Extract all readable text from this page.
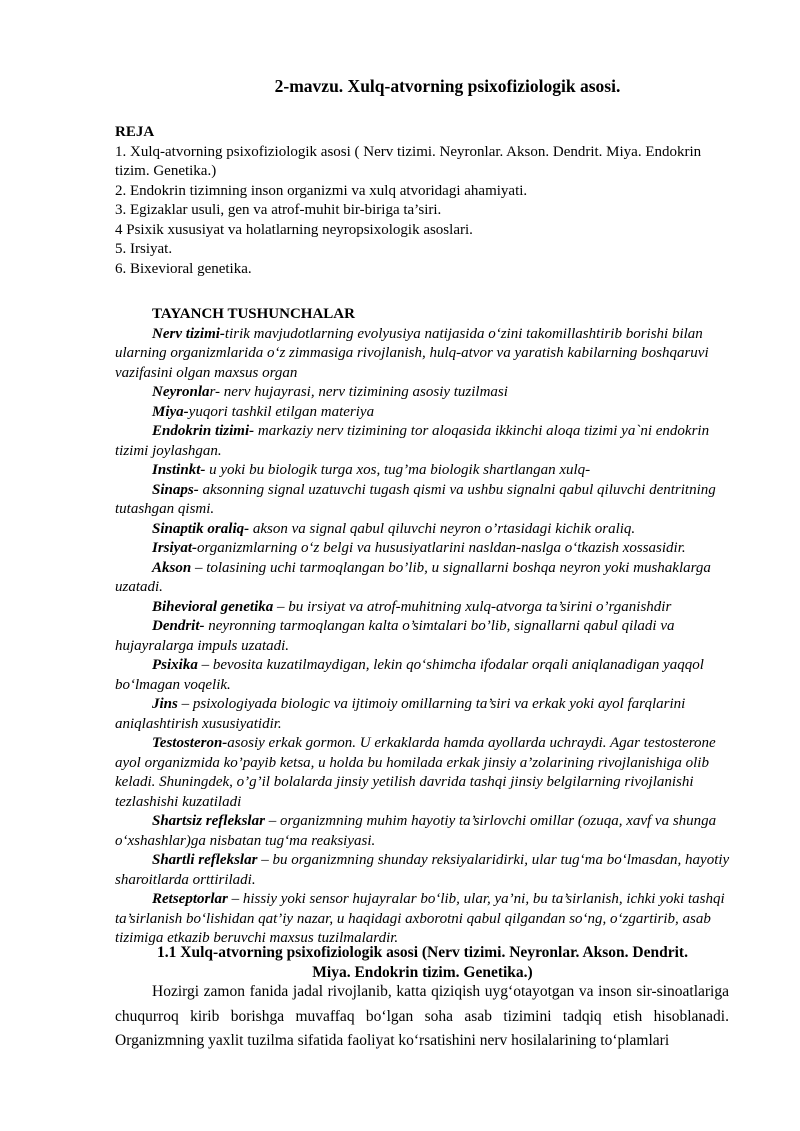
2-mavzu. Xulq-atvorning psixofiziologik asosi.
REJA
1. Xulq-atvorning psixofiziologik asosi ( Nerv tizimi. Neyronlar. Akson. Dendrit. Miya. Endokrin tizim. Genetika.)
2. Endokrin tizimning inson organizmi va xulq atvoridagi ahamiyati.
3. Egizaklar usuli, gen va atrof-muhit bir-biriga ta’siri.
4 Psixik xususiyat va holatlarning neyropsixologik asoslari.
5. Irsiyat.
6. Bixevioral genetika.
TAYANCH TUSHUNCHALAR
Nerv tizimi-tirik mavjudotlarning evolyusiya natijasida o‘zini takomillashtirib borishi bilan ularning organizmlarida o‘z zimmasiga rivojlanish, hulq-atvor va yaratish kabilarning boshqaruvi vazifasini olgan maxsus organ
Neyronlar- nerv hujayrasi, nerv tizimining asosiy tuzilmasi
Miya-yuqori tashkil etilgan materiya
Endokrin tizimi- markaziy nerv tizimining tor aloqasida ikkinchi aloqa tizimi ya`ni endokrin tizimi joylashgan.
Instinkt- u yoki bu biologik turga xos, tug’ma biologik shartlangan xulq-
Sinaps- aksonning signal uzatuvchi tugash qismi va ushbu signalni qabul qiluvchi dentritning tutashgan qismi.
Sinaptik oraliq- akson va signal qabul qiluvchi neyron o’rtasidagi kichik oraliq.
Irsiyat-organizmlarning o‘z belgi va hususiyatlarini nasldan-naslga o‘tkazish xossasidir.
Akson – tolasining uchi tarmoqlangan bo’lib, u signallarni boshqa neyron yoki mushaklarga uzatadi.
Bihevioral genetika – bu irsiyat va atrof-muhitning xulq-atvorga ta’sirini o’rganishdir
Dendrit- neyronning tarmoqlangan kalta o’simtalari bo’lib, signallarni qabul qiladi va hujayralarga impuls uzatadi.
Psixika – bevosita kuzatilmaydigan, lekin qo‘shimcha ifodalar orqali aniqlanadigan yaqqol bo‘lmagan voqelik.
Jins – psixologiyada biologic va ijtimoiy omillarning ta’siri va erkak yoki ayol farqlarini aniqlashtirish xususiyatidir.
Testosteron-asosiy erkak gormon. U erkaklarda hamda ayollarda uchraydi. Agar testosterone ayol organizmida ko’payib ketsa, u holda bu homilada erkak jinsiy a’zolarining rivojlanishiga olib keladi. Shuningdek, o’g’il bolalarda jinsiy yetilish davrida tashqi jinsiy belgilarning rivojlanishi tezlashishi kuzatiladi
Shartsiz reflekslar – organizmning muhim hayotiy ta’sirlovchi omillar (ozuqa, xavf va shunga o‘xshashlar)ga nisbatan tug‘ma reaksiyasi.
Shartli reflekslar – bu organizmning shunday reksiyalaridirki, ular tug‘ma bo‘lmasdan, hayotiy sharoitlarda orttiriladi.
Retseptorlar – hissiy yoki sensor hujayralar bo‘lib, ular, ya’ni, bu ta’sirlanish, ichki yoki tashqi ta’sirlanish bo‘lishidan qat’iy nazar, u haqidagi axborotni qabul qilgandan so‘ng, o‘zgartirib, asab tizimiga etkazib beruvchi maxsus tuzilmalardir.
1.1 Xulq-atvorning psixofiziologik asosi (Nerv tizimi. Neyronlar. Akson. Dendrit.
Miya. Endokrin tizim. Genetika.)
Hozirgi zamon fanida jadal rivojlanib, katta qiziqish uyg‘otayotgan va inson sir-sinoatlariga chuqurroq kirib borishga muvaffaq bo‘lgan soha asab tizimini tadqiq etish hisoblanadi. Organizmning yaxlit tuzilma sifatida faoliyat ko‘rsatishini nerv hosilalarining to‘plamlari
